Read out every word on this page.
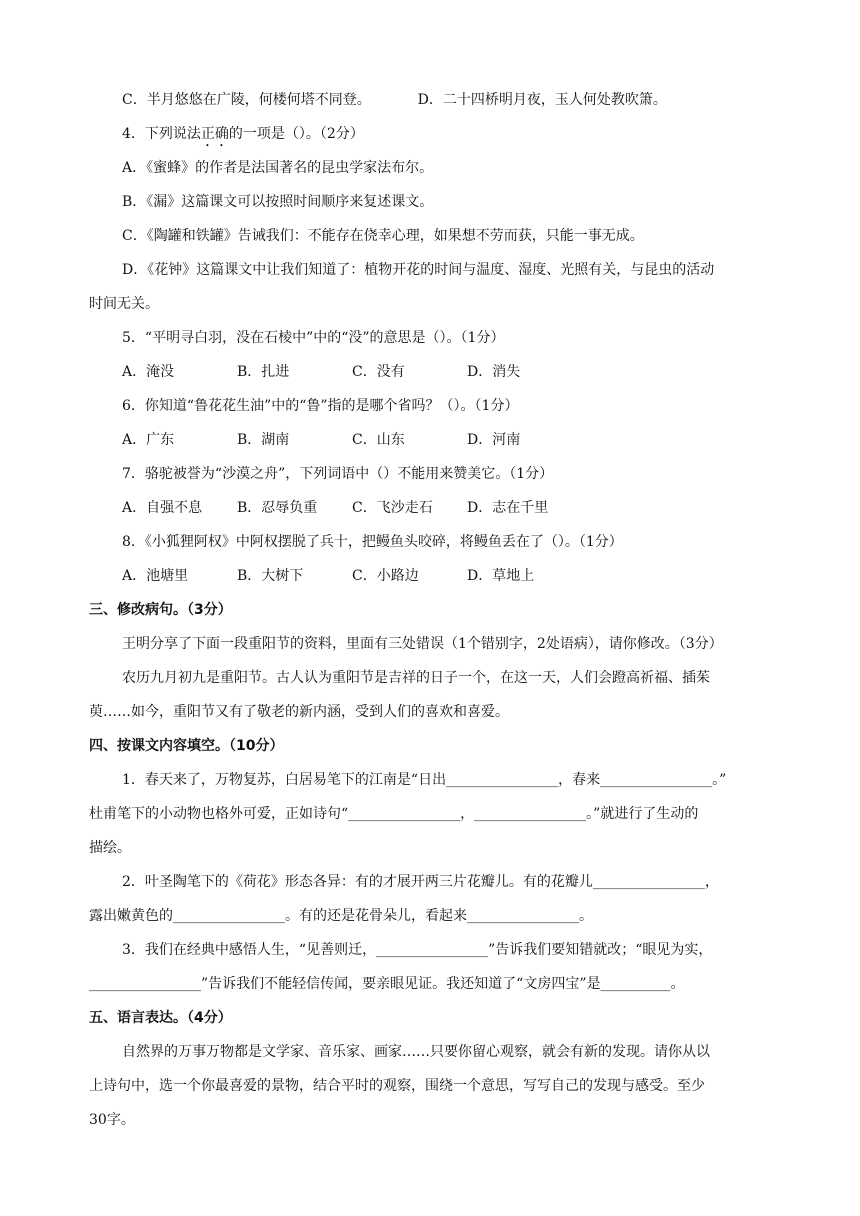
C．半月悠悠在广陵，何楼何塔不同登。	D．二十四桥明月夜，玉人何处教吹箫。
4．下列说法正确的一项是（）。（2分）
A．《蜜蜂》的作者是法国著名的昆虫学家法布尔。
B．《漏》这篇课文可以按照时间顺序来复述课文。
C．《陶罐和铁罐》告诫我们：不能存在侥幸心理，如果想不劳而获，只能一事无成。
D．《花钟》这篇课文中让我们知道了：植物开花的时间与温度、湿度、光照有关，与昆虫的活动
时间无关。
5．“平明寻白羽，没在石棱中”中的“没”的意思是（）。（1分）
A．淹没	B．扎进	C．没有	D．消失
6．你知道“鲁花花生油”中的“鲁”指的是哪个省吗？（）。（1分）
A．广东	B．湖南	C．山东	D．河南
7．骆驼被誉为“沙漠之舟”，下列词语中（）不能用来赞美它。（1分）
A．自强不息 B．忍辱负重 C．飞沙走石 D．志在千里
8．《小狐狸阿权》中阿权摆脱了兵十，把鳗鱼头咬碎，将鳗鱼丢在了（）。（1分）
A．池塘里	B．大树下	C．小路边	D．草地上
三、修改病句。（3分）
王明分享了下面一段重阳节的资料，里面有三处错误（1个错别字，2处语病），请你修改。（3分）
农历九月初九是重阳节。古人认为重阳节是吉祥的日子一个，在这一天，人们会蹬高祈福、插茱
萸……如今，重阳节又有了敬老的新内涵，受到人们的喜欢和喜爱。
四、按课文内容填空。（10分）
1．春天来了，万物复苏，白居易笔下的江南是“日出________________，春来________________。”
杜甫笔下的小动物也格外可爱，正如诗句“________________，________________。”就进行了生动的
描绘。
2．叶圣陶笔下的《荷花》形态各异：有的才展开两三片花瓣儿。有的花瓣儿________________，
露出嫩黄色的________________。有的还是花骨朵儿，看起来________________。
3．我们在经典中感悟人生，“见善则迁，________________”告诉我们要知错就改；“眼见为实，
________________”告诉我们不能轻信传闻，要亲眼见证。我还知道了“文房四宝”是__________。
五、语言表达。（4分）
自然界的万事万物都是文学家、音乐家、画家……只要你留心观察，就会有新的发现。请你从以
上诗句中，选一个你最喜爱的景物，结合平时的观察，围绕一个意思，写写自己的发现与感受。至少
30字。
